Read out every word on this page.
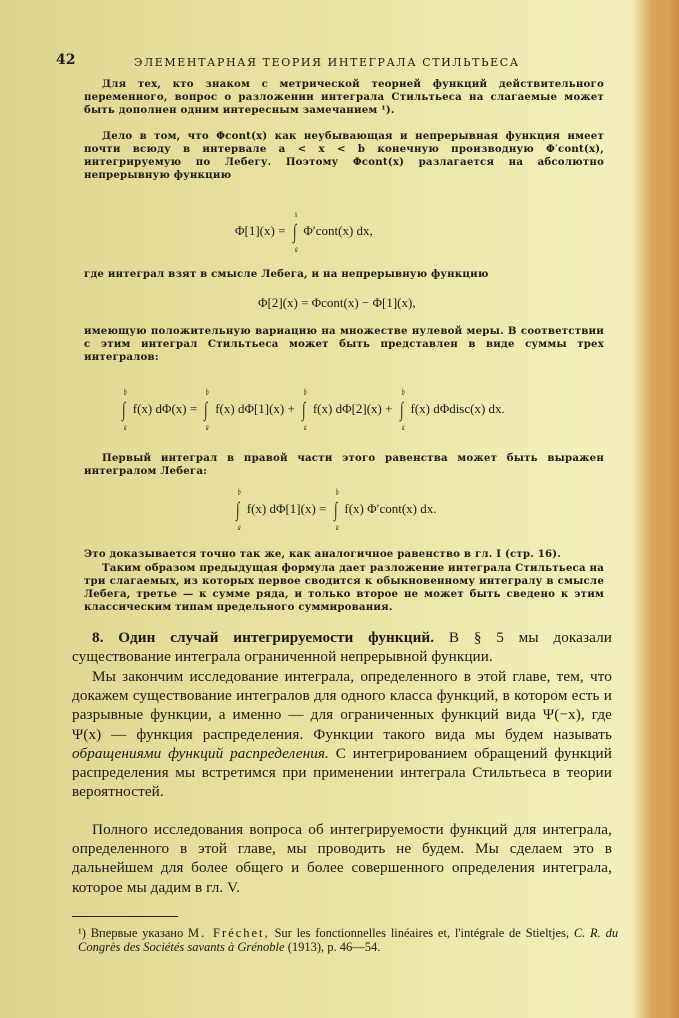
42	ЭЛЕМЕНТАРНАЯ ТЕОРИЯ ИНТЕГРАЛА СТИЛЬТЬЕСА

Для тех, кто знаком с метрической теорией функций действительного переменного, вопрос о разложении интеграла Стильтьеса на слагаемые может быть дополнен одним интересным замечанием ¹).

Дело в том, что Φcont(x) как неубывающая и непрерывная функция имеет почти всюду в интервале a < x < b конечную производную Φ′cont(x), интегрируемую по Лебегу. Поэтому Φcont(x) разлагается на абсолютно непрерывную функцию

Φ[1](x) = ∫
x
a
Φ′cont(x) dx,

где интеграл взят в смысле Лебега, и на непрерывную функцию

Φ[2](x) = Φcont(x) − Φ[1](x),

имеющую положительную вариацию на множестве нулевой меры. В соответствии с этим интеграл Стильтьеса может быть представлен в виде суммы трех интегралов:

∫
b
a
f(x) dΦ(x) = ∫
b
a
f(x) dΦ[1](x) + ∫
b
a
f(x) dΦ[2](x) + ∫
b
a
f(x) dΦdisc(x) dx.

Первый интеграл в правой части этого равенства может быть выражен интегралом Лебега:

∫
b
a
f(x) dΦ[1](x) = ∫
b
a
f(x) Φ′cont(x) dx.

Это доказывается точно так же, как аналогичное равенство в гл. I (стр. 16).

Таким образом предыдущая формула дает разложение интеграла Стильтьеса на три слагаемых, из которых первое сводится к обыкновенному интегралу в смысле Лебега, третье — к сумме ряда, и только второе не может быть сведено к этим классическим типам предельного суммирования.

8. Один случай интегрируемости функций. В § 5 мы доказали существование интеграла ограниченной непрерывной функции.
Мы закончим исследование интеграла, определенного в этой главе, тем, что докажем существование интегралов для одного класса функций, в котором есть и разрывные функции, а именно — для ограниченных функций вида Ψ(−x), где Ψ(x) — функция распределения. Функции такого вида мы будем называть обращениями функций распределения. С интегрированием обращений функций распределения мы встретимся при применении интеграла Стильтьеса в теории вероятностей.
Полного исследования вопроса об интегрируемости функций для интеграла, определенного в этой главе, мы проводить не будем. Мы сделаем это в дальнейшем для более общего и более совершенного определения интеграла, которое мы дадим в гл. V.
¹) Впервые указано M. Fréchet, Sur les fonctionnelles linéaires et, l'intégrale de Stieltjes, C. R. du Congrès des Sociétés savants à Grénoble (1913), p. 46—54.
